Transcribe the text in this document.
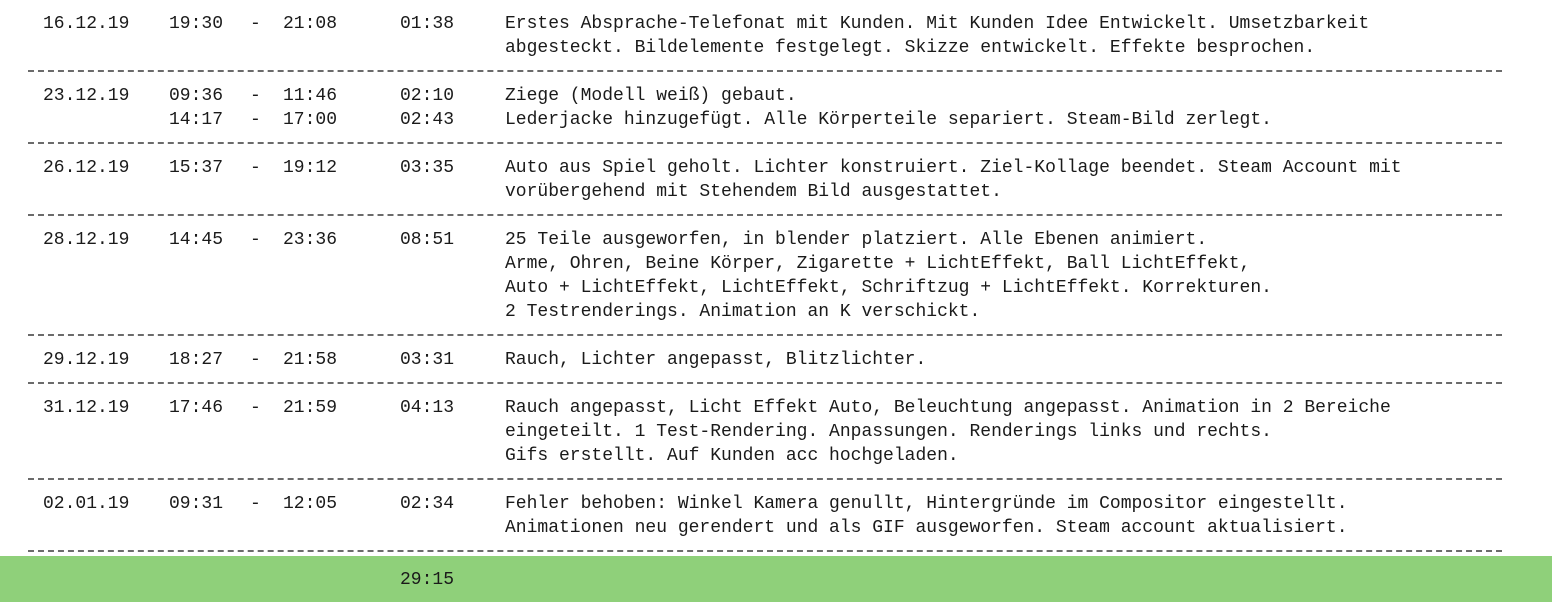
16.12.19 19:30 - 21:08	01:38	Erstes Absprache-Telefonat mit Kunden. Mit Kunden Idee Entwickelt. Umsetzbarkeit
abgesteckt. Bildelemente festgelegt. Skizze entwickelt. Effekte besprochen.
23.12.19 09:36 - 11:46	02:10	Ziege (Modell weiß) gebaut.
14:17 - 17:00	02:43	Lederjacke hinzugefügt. Alle Körperteile separiert. Steam-Bild zerlegt.
26.12.19 15:37 - 19:12	03:35	Auto aus Spiel geholt. Lichter konstruiert. Ziel-Kollage beendet. Steam Account mit
vorübergehend mit Stehendem Bild ausgestattet.
28.12.19 14:45 - 23:36	08:51	25 Teile ausgeworfen, in blender platziert. Alle Ebenen animiert.
Arme, Ohren, Beine Körper, Zigarette + LichtEffekt, Ball LichtEffekt,
Auto + LichtEffekt, LichtEffekt, Schriftzug + LichtEffekt. Korrekturen.
2 Testrenderings. Animation an K verschickt.
29.12.19 18:27 - 21:58	03:31	Rauch, Lichter angepasst, Blitzlichter.
31.12.19 17:46 - 21:59	04:13	Rauch angepasst, Licht Effekt Auto, Beleuchtung angepasst. Animation in 2 Bereiche
eingeteilt. 1 Test-Rendering. Anpassungen. Renderings links und rechts.
Gifs erstellt. Auf Kunden acc hochgeladen.
02.01.19 09:31 - 12:05	02:34	Fehler behoben: Winkel Kamera genullt, Hintergründe im Compositor eingestellt.
Animationen neu gerendert und als GIF ausgeworfen. Steam account aktualisiert.
29:15
